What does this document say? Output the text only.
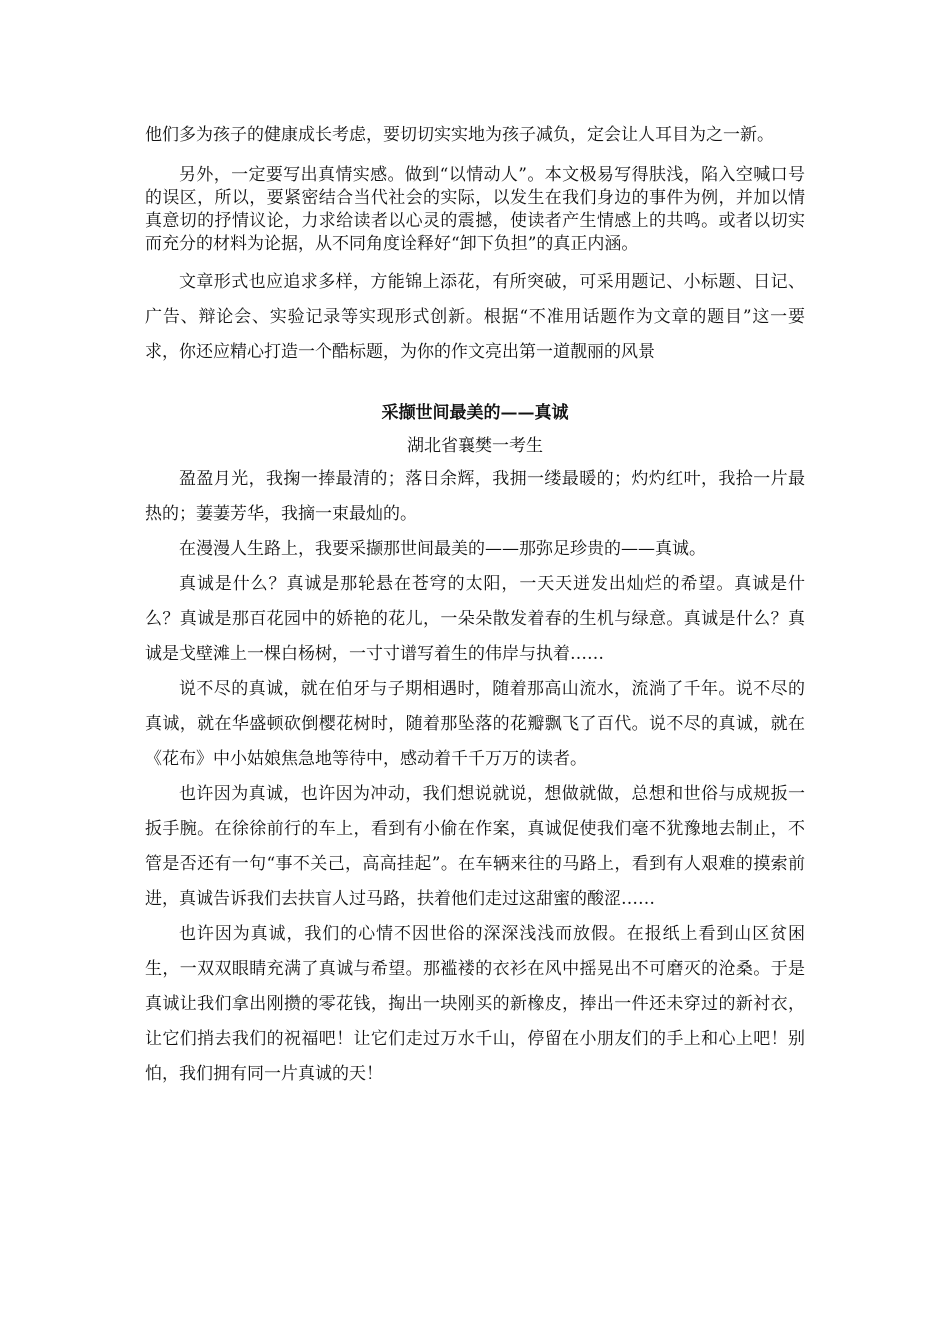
他们多为孩子的健康成长考虑，要切切实实地为孩子减负，定会让人耳目为之一新。

另外，一定要写出真情实感。做到“以情动人”。本文极易写得肤浅，陷入空喊口号的误区，所以，要紧密结合当代社会的实际，以发生在我们身边的事件为例，并加以情真意切的抒情议论，力求给读者以心灵的震撼，使读者产生情感上的共鸣。或者以切实而充分的材料为论据，从不同角度诠释好“卸下负担”的真正内涵。

文章形式也应追求多样，方能锦上添花，有所突破，可采用题记、小标题、日记、广告、辩论会、实验记录等实现形式创新。根据“不准用话题作为文章的题目”这一要求，你还应精心打造一个酷标题，为你的作文亮出第一道靓丽的风景

采撷世间最美的——真诚

湖北省襄樊一考生

盈盈月光，我掬一捧最清的；落日余辉，我拥一缕最暖的；灼灼红叶，我拾一片最热的；萋萋芳华，我摘一束最灿的。

在漫漫人生路上，我要采撷那世间最美的——那弥足珍贵的——真诚。

真诚是什么？真诚是那轮悬在苍穹的太阳，一天天迸发出灿烂的希望。真诚是什么？真诚是那百花园中的娇艳的花儿，一朵朵散发着春的生机与绿意。真诚是什么？真诚是戈壁滩上一棵白杨树，一寸寸谱写着生的伟岸与执着……

说不尽的真诚，就在伯牙与子期相遇时，随着那高山流水，流淌了千年。说不尽的真诚，就在华盛顿砍倒樱花树时，随着那坠落的花瓣飘飞了百代。说不尽的真诚，就在《花布》中小姑娘焦急地等待中，感动着千千万万的读者。

也许因为真诚，也许因为冲动，我们想说就说，想做就做，总想和世俗与成规扳一扳手腕。在徐徐前行的车上，看到有小偷在作案，真诚促使我们毫不犹豫地去制止，不管是否还有一句“事不关己，高高挂起”。在车辆来往的马路上，看到有人艰难的摸索前进，真诚告诉我们去扶盲人过马路，扶着他们走过这甜蜜的酸涩……

也许因为真诚，我们的心情不因世俗的深深浅浅而放假。在报纸上看到山区贫困生，一双双眼睛充满了真诚与希望。那褴褛的衣衫在风中摇晃出不可磨灭的沧桑。于是真诚让我们拿出刚攒的零花钱，掏出一块刚买的新橡皮，捧出一件还未穿过的新衬衣，让它们捎去我们的祝福吧！让它们走过万水千山，停留在小朋友们的手上和心上吧！别怕，我们拥有同一片真诚的天！
